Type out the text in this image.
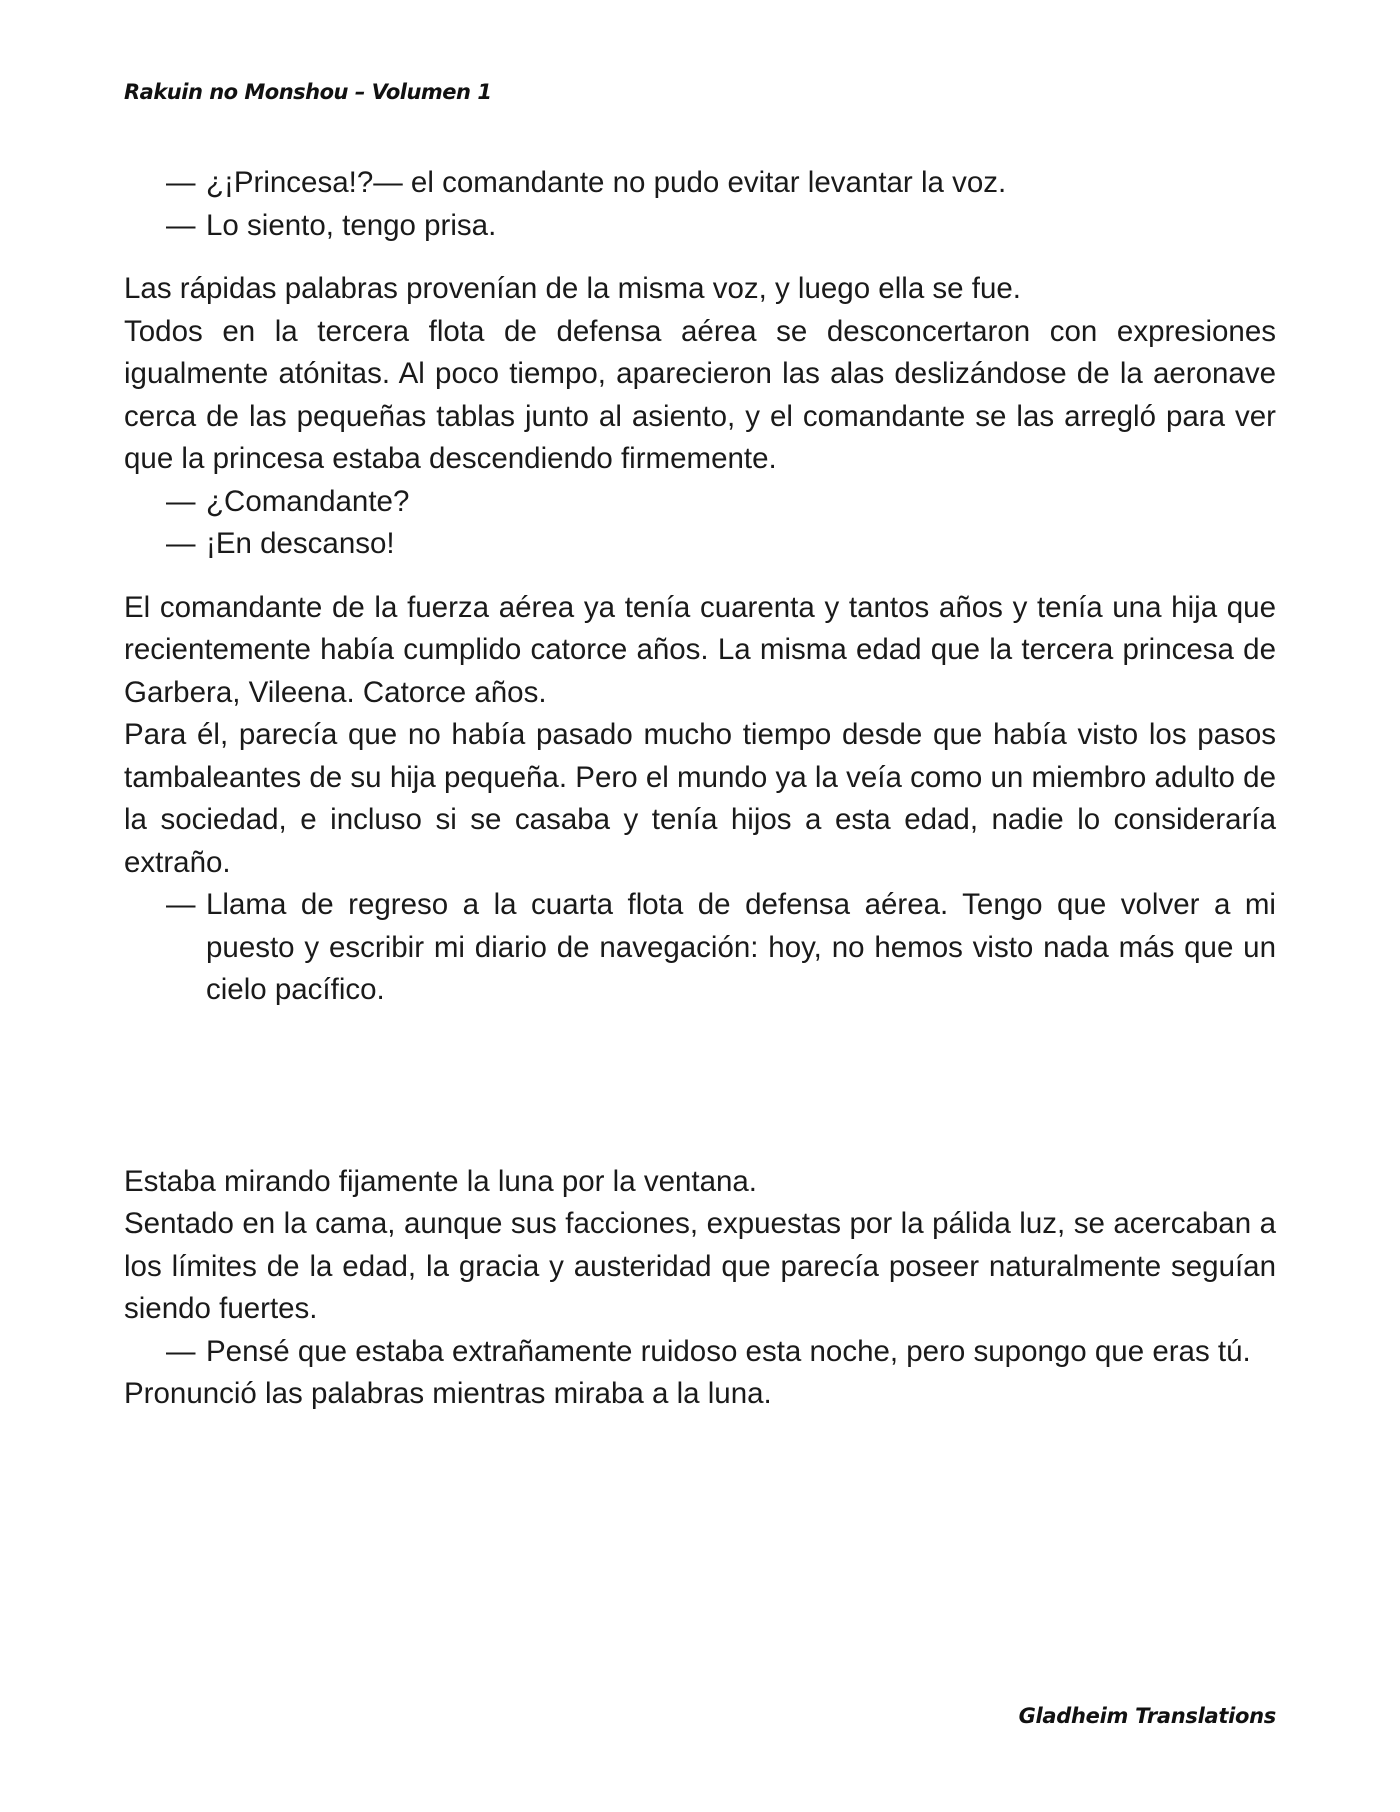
Rakuin no Monshou – Volumen 1

— ¿¡Princesa!?— el comandante no pudo evitar levantar la voz.

— Lo siento, tengo prisa.

Las rápidas palabras provenían de la misma voz, y luego ella se fue.

Todos en la tercera flota de defensa aérea se desconcertaron con expresiones igualmente atónitas. Al poco tiempo, aparecieron las alas deslizándose de la aeronave cerca de las pequeñas tablas junto al asiento, y el comandante se las arregló para ver que la princesa estaba descendiendo firmemente.

— ¿Comandante?

— ¡En descanso!

El comandante de la fuerza aérea ya tenía cuarenta y tantos años y tenía una hija que recientemente había cumplido catorce años. La misma edad que la tercera princesa de Garbera, Vileena. Catorce años.

Para él, parecía que no había pasado mucho tiempo desde que había visto los pasos tambaleantes de su hija pequeña. Pero el mundo ya la veía como un miembro adulto de la sociedad, e incluso si se casaba y tenía hijos a esta edad, nadie lo consideraría extraño.

— Llama de regreso a la cuarta flota de defensa aérea. Tengo que volver a mi puesto y escribir mi diario de navegación: hoy, no hemos visto nada más que un cielo pacífico.

Estaba mirando fijamente la luna por la ventana.

Sentado en la cama, aunque sus facciones, expuestas por la pálida luz, se acercaban a los límites de la edad, la gracia y austeridad que parecía poseer naturalmente seguían siendo fuertes.

— Pensé que estaba extrañamente ruidoso esta noche, pero supongo que eras tú.

Pronunció las palabras mientras miraba a la luna.

Gladheim Translations
